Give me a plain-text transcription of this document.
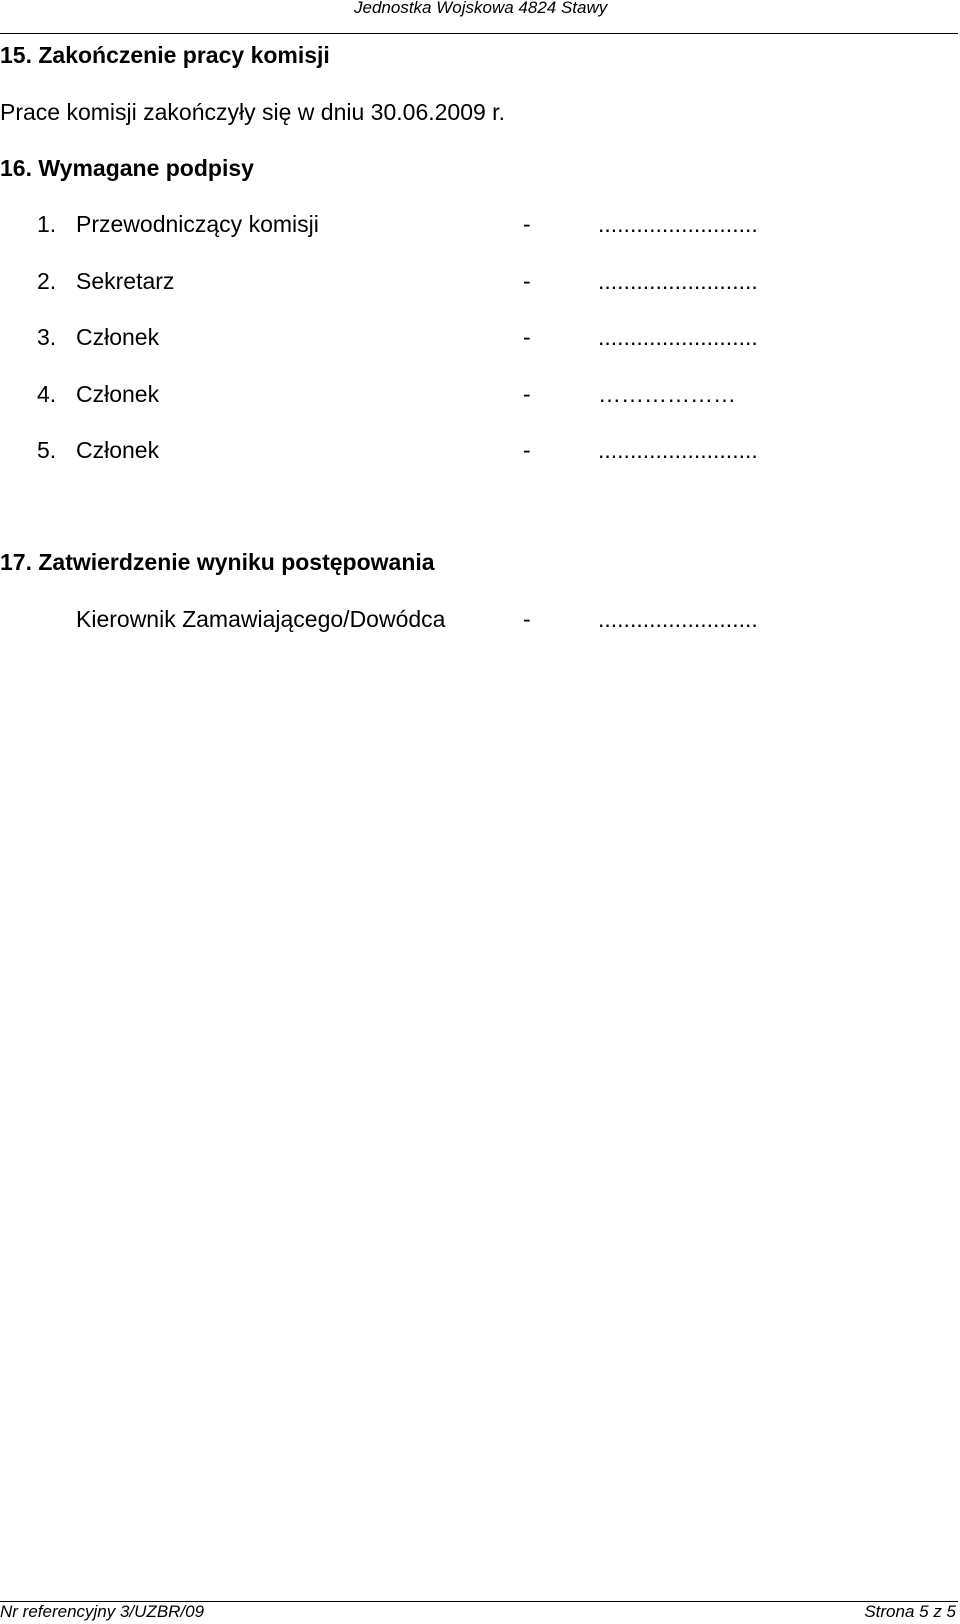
Jednostka Wojskowa 4824 Stawy
15. Zakończenie pracy komisji
Prace komisji zakończyły się w dniu 30.06.2009 r.
16. Wymagane podpisy
1. Przewodniczący komisji	-	.........................
2. Sekretarz	-	.........................
3. Członek	-	.........................
4. Członek	-	………………
5. Członek	-	.........................
17. Zatwierdzenie wyniku postępowania
Kierownik Zamawiającego/Dowódca	-	.........................
Nr referencyjny 3/UZBR/09	Strona 5 z 5
